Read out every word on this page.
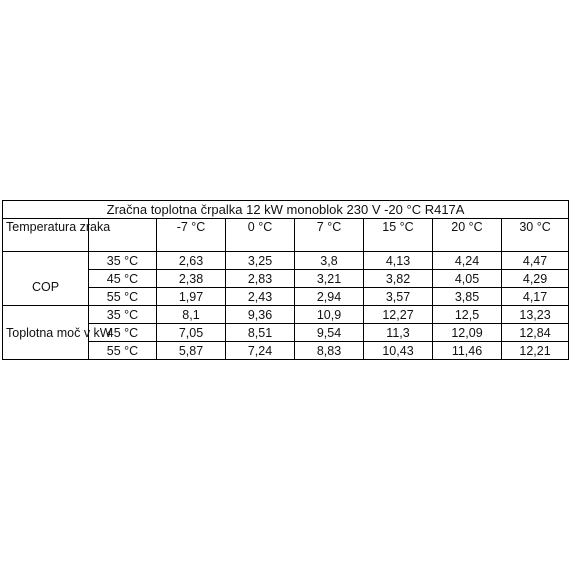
Zračna toplotna črpalka 12 kW monoblok 230 V -20 °C R417A							
Temperatura zraka		-7 °C	0 °C	7 °C	15 °C	20 °C	30 °C
COP	35 °C	2,63	3,25	3,8	4,13	4,24	4,47
	45 °C	2,38	2,83	3,21	3,82	4,05	4,29
	55 °C	1,97	2,43	2,94	3,57	3,85	4,17
Toplotna moč v kW	35 °C	8,1	9,36	10,9	12,27	12,5	13,23
	45 °C	7,05	8,51	9,54	11,3	12,09	12,84
	55 °C	5,87	7,24	8,83	10,43	11,46	12,21
